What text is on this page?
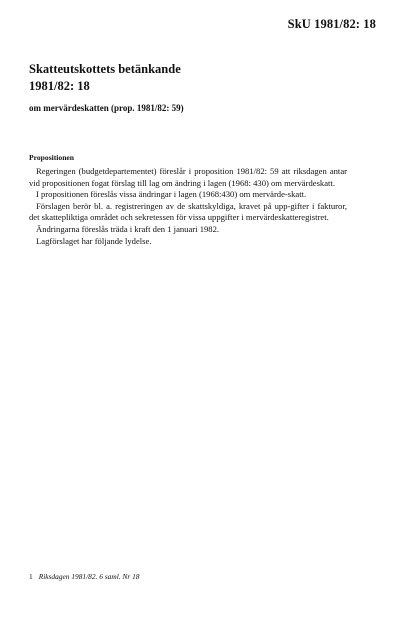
SkU 1981/82: 18
Skatteutskottets betänkande
1981/82: 18
om mervärdeskatten (prop. 1981/82: 59)
Propositionen

Regeringen (budgetdepartementet) föreslår i proposition 1981/82: 59 att riksdagen antar vid propositionen fogat förslag till lag om ändring i lagen (1968: 430) om mervärdeskatt.

I propositionen föreslås vissa ändringar i lagen (1968:430) om mervärde-skatt.

Förslagen berör bl. a. registreringen av de skattskyldiga, kravet på upp-gifter i fakturor, det skattepliktiga området och sekretessen för vissa uppgifter i mervärdeskatteregistret.

Ändringarna föreslås träda i kraft den 1 januari 1982.

Lagförslaget har följande lydelse.

1 Riksdagen 1981/82. 6 saml. Nr 18
